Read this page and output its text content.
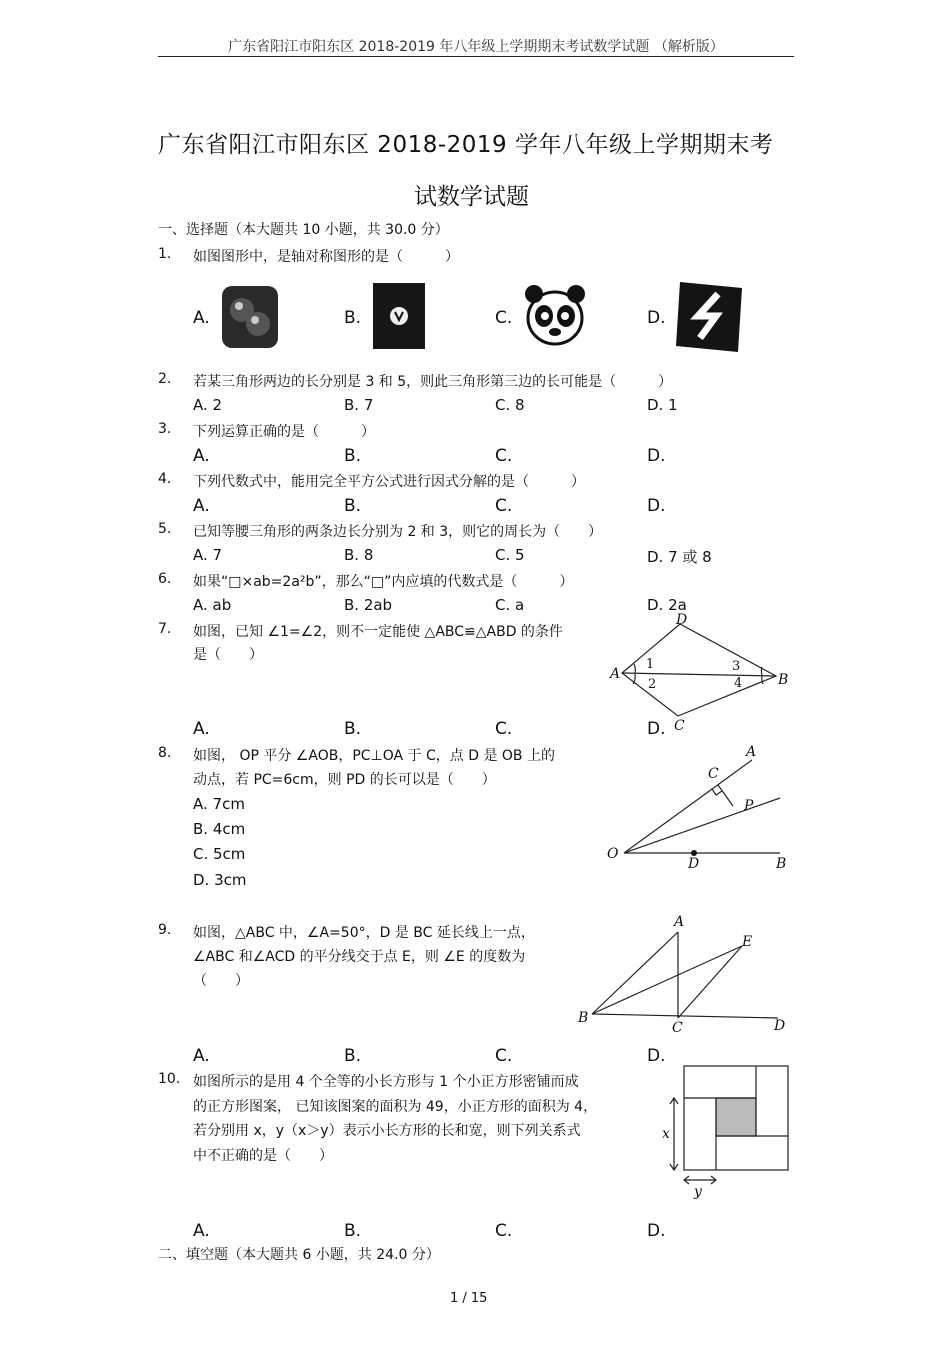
广东省阳江市阳东区 2018-2019 年八年级上学期期末考试数学试题 （解析版）
广东省阳江市阳东区 2018-2019 学年八年级上学期期末考
试数学试题
一、选择题（本大题共 10 小题，共 30.0 分）
1. 如图图形中，是轴对称图形的是（　　　）
A.	B.	C.	D.
2. 若某三角形两边的长分别是 3 和 5，则此三角形第三边的长可能是（　　　）
A. 2	B. 7	C. 8	D. 1
3. 下列运算正确的是（　　　）
A.	B.	C.	D.
4. 下列代数式中，能用完全平方公式进行因式分解的是（　　　）
A.	B.	C.	D.
5. 已知等腰三角形的两条边长分别为 2 和 3，则它的周长为（　　）
A. 7	B. 8	C. 5	D. 7 或 8
6. 如果“□×ab=2a²b”，那么“□”内应填的代数式是（　　　）
A. ab	B. 2ab	C. a	D. 2a
7. 如图，已知 ∠1=∠2，则不一定能使 △ABC≌△ABD 的条件
是（　　）
A	B
C
D
1
2
3
4
A.	B.	C.	D.
8. 如图， OP 平分 ∠AOB，PC⊥OA 于 C，点 D 是 OB 上的
动点，若 PC=6cm，则 PD 的长可以是（　　）
A. 7cm
B. 4cm
C. 5cm
D. 3cm
O
A
B
C
D
P
9. 如图，△ABC 中，∠A=50°，D 是 BC 延长线上一点，
∠ABC 和∠ACD 的平分线交于点 E，则 ∠E 的度数为
（　　）
A
B
C	D
E
A.	B.	C.	D.
10. 如图所示的是用 4 个全等的小长方形与 1 个小正方形密铺而成
的正方形图案， 已知该图案的面积为 49，小正方形的面积为 4，
若分别用 x，y（x＞y）表示小长方形的长和宽，则下列关系式
中不正确的是（　　）
x
y
A.	B.	C.	D.
二、填空题（本大题共 6 小题，共 24.0 分）
1 / 15
